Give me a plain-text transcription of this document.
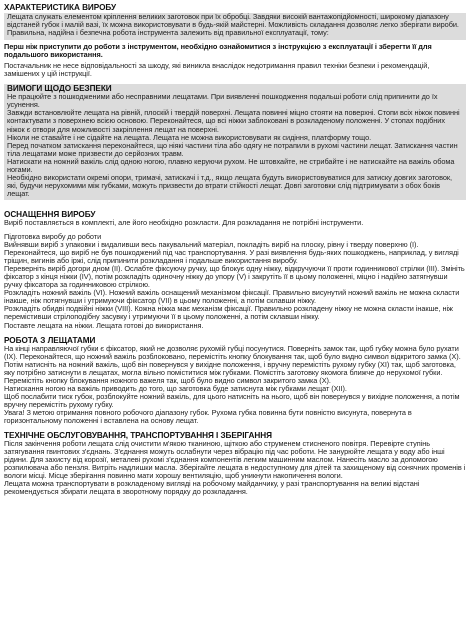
ХАРАКТЕРИСТИКА ВИРОБУ

Лещата служать елементом кріплення великих заготовок при їх обробці. Завдяки високій вантажопідйомності, широкому діапазону відстаней губок і малій вазі, їх можна використовувати в будь-якій майстерні. Можливість складання дозволяє легко зберігати вироби. Правильна, надійна і безпечна робота інструмента залежить від правильної експлуатації, тому:

Перш ніж приступити до роботи з інструментом, необхідно ознайомитися з інструкцією з експлуатації і зберегти її для подальшого використання.

Постачальник не несе відповідальності за шкоду, які виникла внаслідок недотримання правил техніки безпеки і рекомендацій, замішених у цій інструкції.

ВИМОГИ ЩОДО БЕЗПЕКИ

Не працюйте з пошкодженими або несправними лещатами. При виявленні пошкодження подальші роботи слід припинити до їх усунення.

Завжди встановлюйте лещата на рівній, плоскій і твердій поверхні. Лещата повинні міцно стояти на поверхні. Стопи всіх ніжок повинні контактувати з поверхнею всією основою. Переконайтеся, що всі ніжки заблоковані в розкладеному положенні. У стопах подібних ніжок є отвори для можливості закріплення лещат на поверхні.

Ніколи не ставайте і не сідайте на лещата. Лещата не можна використовувати як сидіння, платформу тощо.

Перед початком затискання переконайтеся, що ніякі частини тіла або одягу не потрапили в рухомі частини лещат. Затискання частин тіла лещатами може призвести до серйозних травм.

Натискати на ножний важіль слід одною ногою, плавно керуючи рухом. Не штовхайте, не стрибайте і не натискайте на важіль обома ногами.

Необхідно використати окремі опори, тримачі, затискачі і т.д., якщо лещата будуть використовуватися для затиску довгих заготовок, які, будучи нерухомими між губками, можуть призвести до втрати стійкості лещат. Довгі заготовки слід підтримувати з обох боків лещат.

ОСНАЩЕННЯ ВИРОБУ

Виріб поставляється в комплекті, але його необхідно розкласти. Для розкладання не потрібні інструменти.

Підготовка виробу до роботи

Вийнявши виріб з упаковки і видаливши весь пакувальний матеріал, покладіть виріб на плоску, рівну і тверду поверхню (I). Переконайтеся, що виріб не був пошкоджений під час транспортування. У разі виявлення будь-яких пошкоджень, наприклад, у вигляді тріщин, вигинів або іржі, слід припинити розкладання і подальше використання виробу.

Переверніть виріб догори дном (II). Ослабте фіксуючу ручку, що блокує одну ніжку, відкручуючи її проти годинникової стрілки (III). Змініть фіксатор з кінця ніжки (IV), потім розкладіть одиночну ніжку до упору (V) і закрутіть її в цьому положенні, міцно і надійно затягнувши ручку фіксатора за годинниковою стрілкою.

Розкладіть ножний важіль (VI). Ножний важіль оснащений механізмом фіксації. Правильно висунутий ножний важіль не можна скласти інакше, ніж потягнувши і утримуючи фіксатор (VII) в цьому положенні, а потім склавши ніжку.

Розкладіть обидві подвійні ніжки (VIII). Кожна ніжка має механізм фіксації. Правильно розкладену ніжку не можна скласти інакше, ніж перемістивши стрілоподібну засувку і утримуючи її в цьому положенні, а потім склавши ніжку.

Поставте лещата на ніжки. Лещата готові до використання.

РОБОТА З ЛЕЩАТАМИ

На кінці направляючої губки є фіксатор, який не дозволяє рухомій губці посунутися. Поверніть замок так, щоб губку можна було рухати (IX). Переконайтеся, що ножний важіль розблоковано, перемістіть кнопку блокування так, щоб було видно символ відкритого замка (X). Потім натисніть на ножний важіль, щоб він повернувся у вихідне положення, і вручну перемістіть рухому губку (XI) так, щоб заготовка, яку потрібно затиснути в лещатах, могла вільно поміститися між губками. Помістіть заготовку якомога ближче до нерухомої губки.

Перемістіть кнопку блокування ножного важеля так, щоб було видно символ закритого замка (X).

Натискання ногою на важіль приводить до того, що заготовка буде затиснута між губками лещат (XII).

Щоб послабити тиск губок, розблокуйте ножний важіль, для цього натисніть на нього, щоб він повернувся у вихідне положення, а потім вручну перемістіть рухому губку.

Увага! З метою отримання повного робочого діапазону губок. Рухома губка повинна бути повністю висунута, повернута в горизонтальному положенні і вставлена на основу лещат.

ТЕХНІЧНЕ ОБСЛУГОВУВАННЯ, ТРАНСПОРТУВАННЯ І ЗБЕРІГАННЯ

Після закінчення роботи лещата слід очистити м'якою тканиною, щіткою або струменем стисненого повітря. Перевірте ступінь затягування гвинтових з'єднань. З'єднання можуть ослабнути через вібрацію під час роботи. Не занурюйте лещата у воду або інші рідини. Для захисту від корозії, металеві рухомі з'єднання компонентів легким машинним маслом. Нанесіть масло за допомогою розпилювача або пензля. Витріть надлишки масла. Зберігайте лещата в недоступному для дітей та захищеному від сонячних променів і вологи місці. Місце зберігання повинно мати хорошу вентиляцію, щоб уникнути накопичення вологи.

Лещата можна транспортувати в розкладеному вигляді на робочому майданчику, у разі транспортування на великі відстані рекомендується збирати лещата в зворотному порядку до розкладання.
